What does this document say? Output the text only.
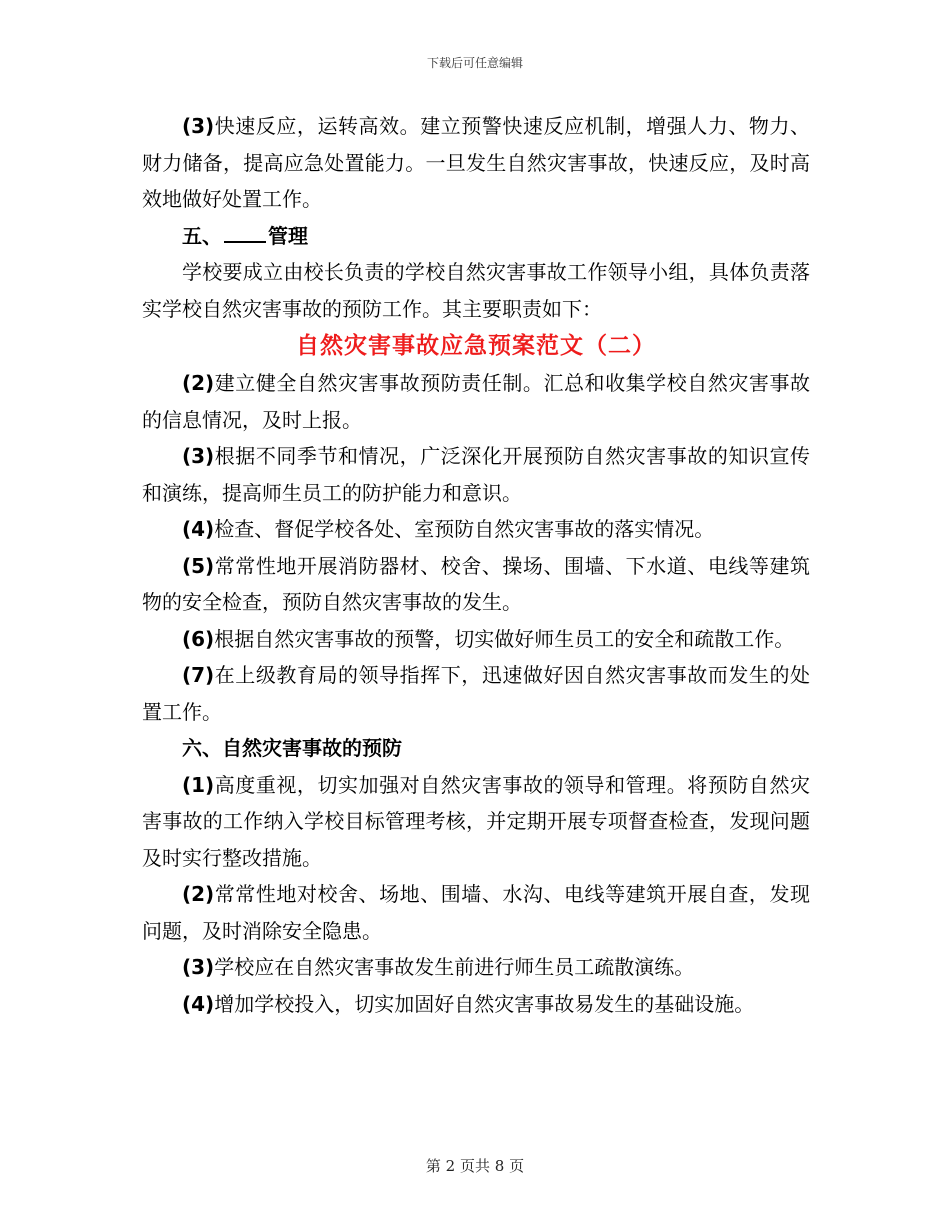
下载后可任意编辑

(3)快速反应，运转高效。建立预警快速反应机制，增强人力、物力、财力储备，提高应急处置能力。一旦发生自然灾害事故，快速反应，及时高效地做好处置工作。

五、 管理

学校要成立由校长负责的学校自然灾害事故工作领导小组，具体负责落实学校自然灾害事故的预防工作。其主要职责如下：

自然灾害事故应急预案范文（二）

(2)建立健全自然灾害事故预防责任制。汇总和收集学校自然灾害事故的信息情况，及时上报。

(3)根据不同季节和情况，广泛深化开展预防自然灾害事故的知识宣传和演练，提高师生员工的防护能力和意识。

(4)检查、督促学校各处、室预防自然灾害事故的落实情况。

(5)常常性地开展消防器材、校舍、操场、围墙、下水道、电线等建筑物的安全检查，预防自然灾害事故的发生。

(6)根据自然灾害事故的预警，切实做好师生员工的安全和疏散工作。

(7)在上级教育局的领导指挥下，迅速做好因自然灾害事故而发生的处置工作。

六、自然灾害事故的预防

(1)高度重视，切实加强对自然灾害事故的领导和管理。将预防自然灾害事故的工作纳入学校目标管理考核，并定期开展专项督查检查，发现问题及时实行整改措施。

(2)常常性地对校舍、场地、围墙、水沟、电线等建筑开展自查，发现问题，及时消除安全隐患。

(3)学校应在自然灾害事故发生前进行师生员工疏散演练。

(4)增加学校投入，切实加固好自然灾害事故易发生的基础设施。

第 2 页共 8 页
